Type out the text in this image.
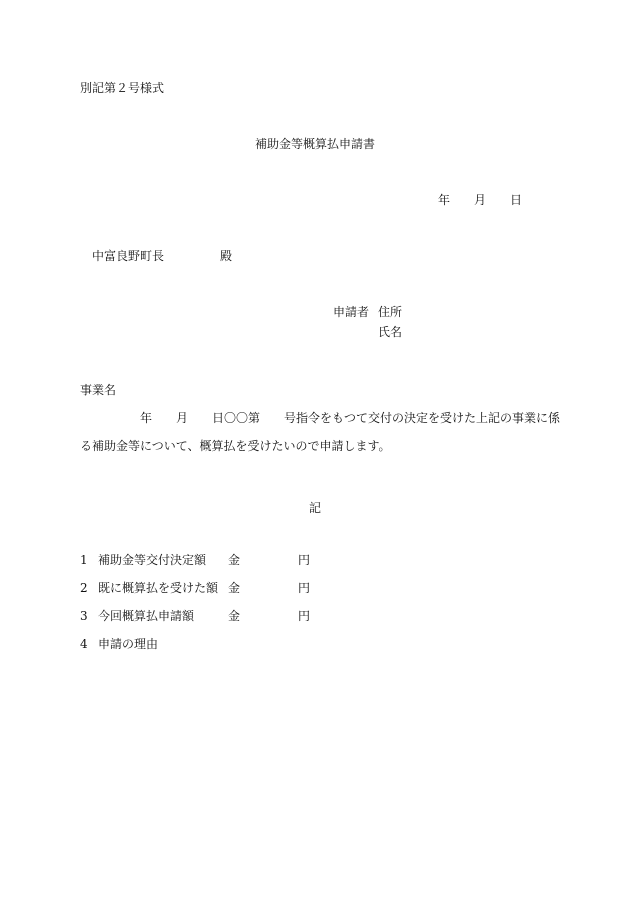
別記第２号様式
補助金等概算払申請書
年 月 日
中富良野町長	殿
申請者 住所
氏名
事業名
年 月 日〇〇第　　号指令をもつて交付の決定を受けた上記の事業に係
る補助金等について、概算払を受けたいので申請します。
記
1 補助金等交付決定額 金	円
2 既に概算払を受けた額 金	円
3 今回概算払申請額	金	円
4 申請の理由
